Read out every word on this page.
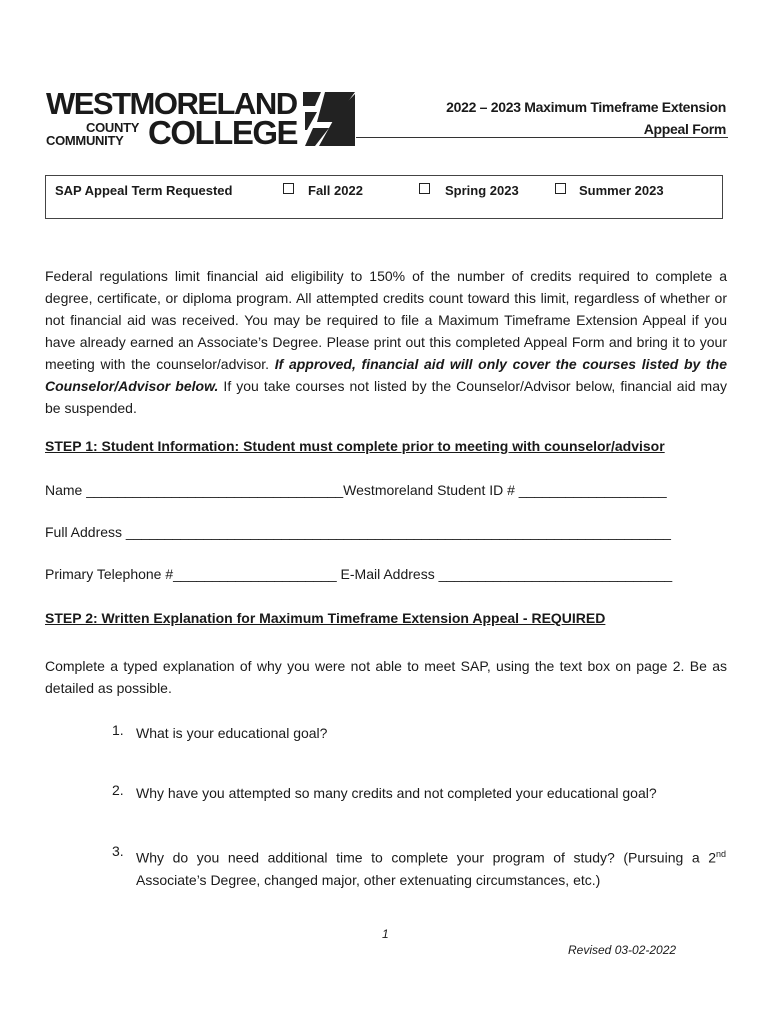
WESTMORELAND
COUNTY
COMMUNITY COLLEGE
2022 – 2023 Maximum Timeframe Extension
Appeal Form
SAP Appeal Term Requested	Fall 2022	Spring 2023	Summer 2023
Federal regulations limit financial aid eligibility to 150% of the number of credits required to complete a degree, certificate, or diploma program. All attempted credits count toward this limit, regardless of whether or not financial aid was received. You may be required to file a Maximum Timeframe Extension Appeal if you have already earned an Associate’s Degree. Please print out this completed Appeal Form and bring it to your meeting with the counselor/advisor. If approved, financial aid will only cover the courses listed by the Counselor/Advisor below. If you take courses not listed by the Counselor/Advisor below, financial aid may be suspended.
STEP 1: Student Information: Student must complete prior to meeting with counselor/advisor
Name _________________________________Westmoreland Student ID # ___________________
Full Address ______________________________________________________________________
Primary Telephone #_____________________ E-Mail Address ______________________________
STEP 2: Written Explanation for Maximum Timeframe Extension Appeal - REQUIRED
Complete a typed explanation of why you were not able to meet SAP, using the text box on page 2. Be as detailed as possible.
1. What is your educational goal?
2. Why have you attempted so many credits and not completed your educational goal?
3. Why do you need additional time to complete your program of study? (Pursuing a 2nd Associate’s Degree, changed major, other extenuating circumstances, etc.)
1
Revised 03-02-2022
